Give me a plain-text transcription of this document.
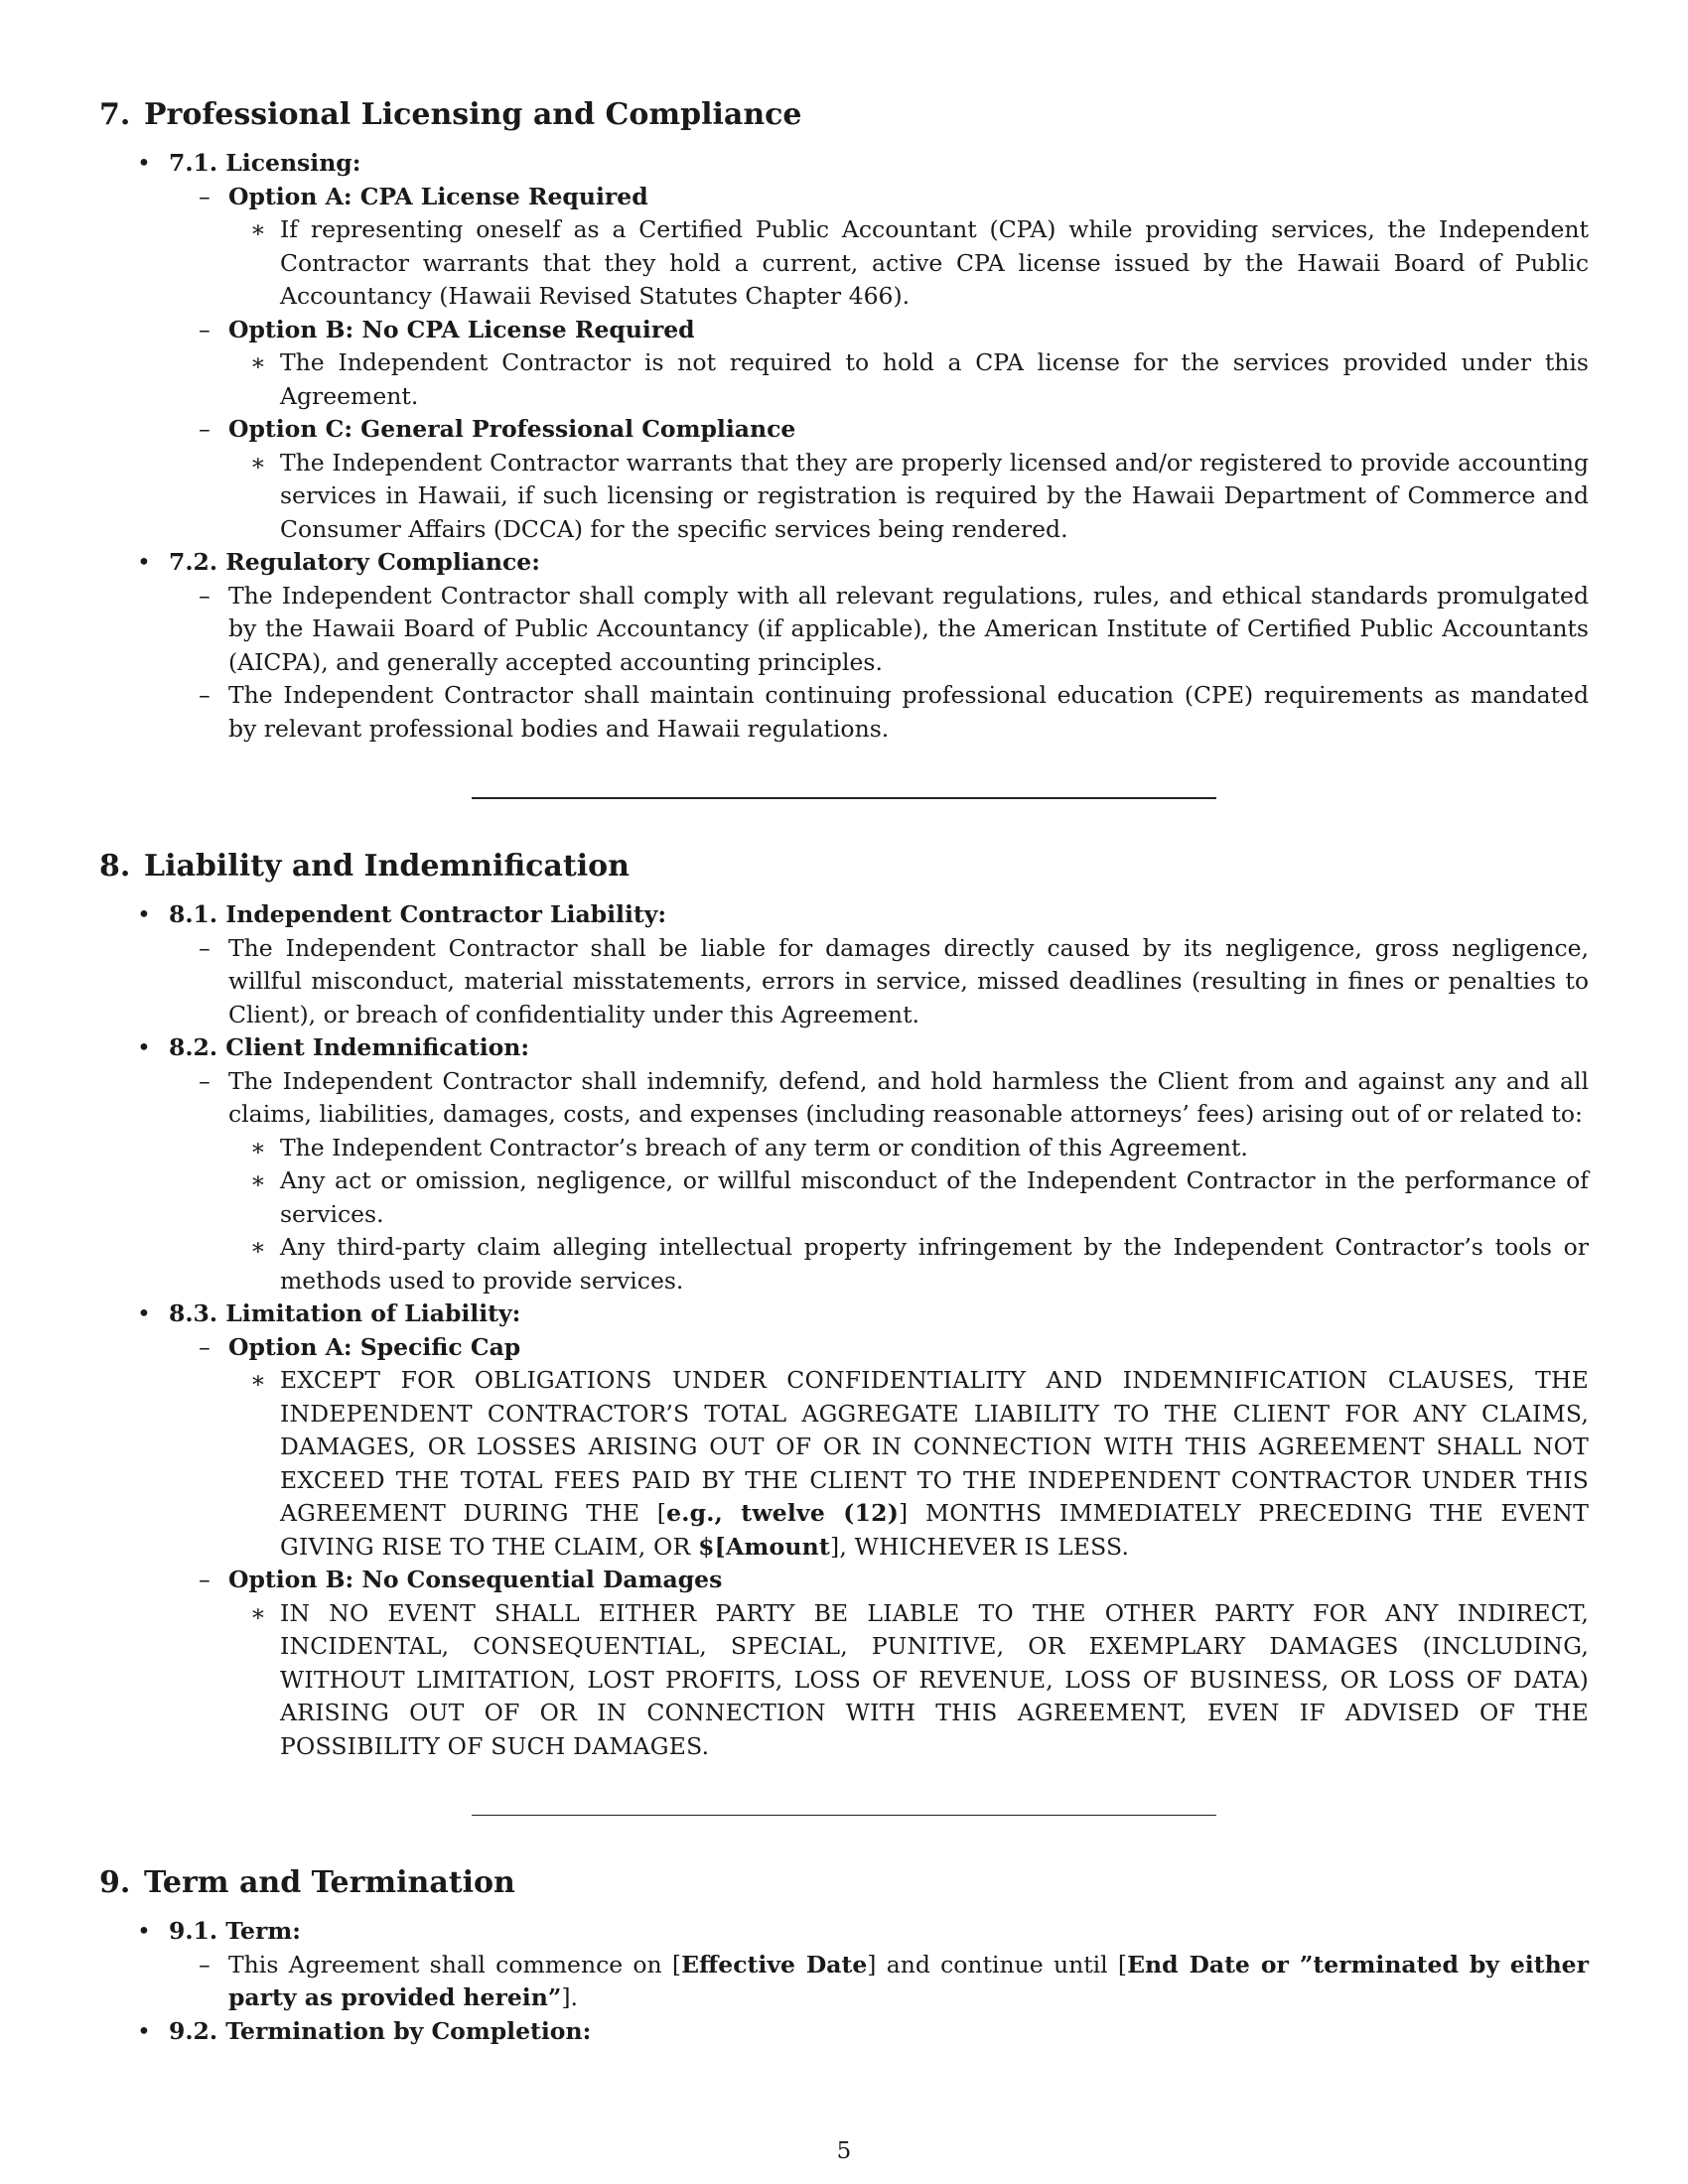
7. Professional Licensing and Compliance
• 7.1. Licensing:
– Option A: CPA License Required
∗ If representing oneself as a Certified Public Accountant (CPA) while providing services, the Independent Contractor warrants that they hold a current, active CPA license issued by the Hawaii Board of Public Accountancy (Hawaii Revised Statutes Chapter 466).

– Option B: No CPA License Required
∗ The Independent Contractor is not required to hold a CPA license for the services provided under this Agreement.

– Option C: General Professional Compliance
∗ The Independent Contractor warrants that they are properly licensed and/or registered to provide accounting services in Hawaii, if such licensing or registration is required by the Hawaii Department of Commerce and Consumer Affairs (DCCA) for the specific services being rendered.

• 7.2. Regulatory Compliance:
– The Independent Contractor shall comply with all relevant regulations, rules, and ethical standards promulgated by the Hawaii Board of Public Accountancy (if applicable), the American Institute of Certified Public Accountants (AICPA), and generally accepted accounting principles.

– The Independent Contractor shall maintain continuing professional education (CPE) requirements as mandated by relevant professional bodies and Hawaii regulations.

8. Liability and Indemnification
• 8.1. Independent Contractor Liability:
– The Independent Contractor shall be liable for damages directly caused by its negligence, gross negligence, willful misconduct, material misstatements, errors in service, missed deadlines (resulting in fines or penalties to Client), or breach of confidentiality under this Agreement.

• 8.2. Client Indemnification:
– The Independent Contractor shall indemnify, defend, and hold harmless the Client from and against any and all claims, liabilities, damages, costs, and expenses (including reasonable attorneys’ fees) arising out of or related to:

∗ The Independent Contractor’s breach of any term or condition of this Agreement.

∗ Any act or omission, negligence, or willful misconduct of the Independent Contractor in the performance of services.

∗ Any third-party claim alleging intellectual property infringement by the Independent Contractor’s tools or methods used to provide services.

• 8.3. Limitation of Liability:
– Option A: Specific Cap
∗ EXCEPT FOR OBLIGATIONS UNDER CONFIDENTIALITY AND INDEMNIFICATION CLAUSES, THE INDEPENDENT CONTRACTOR’S TOTAL AGGREGATE LIABILITY TO THE CLIENT FOR ANY CLAIMS, DAMAGES, OR LOSSES ARISING OUT OF OR IN CONNECTION WITH THIS AGREEMENT SHALL NOT EXCEED THE TOTAL FEES PAID BY THE CLIENT TO THE INDEPENDENT CONTRACTOR UNDER THIS AGREEMENT DURING THE [e.g., twelve (12)] MONTHS IMMEDIATELY PRECEDING THE EVENT GIVING RISE TO THE CLAIM, OR $[Amount], WHICHEVER IS LESS.

– Option B: No Consequential Damages
∗ IN NO EVENT SHALL EITHER PARTY BE LIABLE TO THE OTHER PARTY FOR ANY INDIRECT, INCIDENTAL, CONSEQUENTIAL, SPECIAL, PUNITIVE, OR EXEMPLARY DAMAGES (INCLUDING, WITHOUT LIMITATION, LOST PROFITS, LOSS OF REVENUE, LOSS OF BUSINESS, OR LOSS OF DATA) ARISING OUT OF OR IN CONNECTION WITH THIS AGREEMENT, EVEN IF ADVISED OF THE POSSIBILITY OF SUCH DAMAGES.

9. Term and Termination
• 9.1. Term:
– This Agreement shall commence on [Effective Date] and continue until [End Date or ”terminated by either party as provided herein”].

• 9.2. Termination by Completion:
5
